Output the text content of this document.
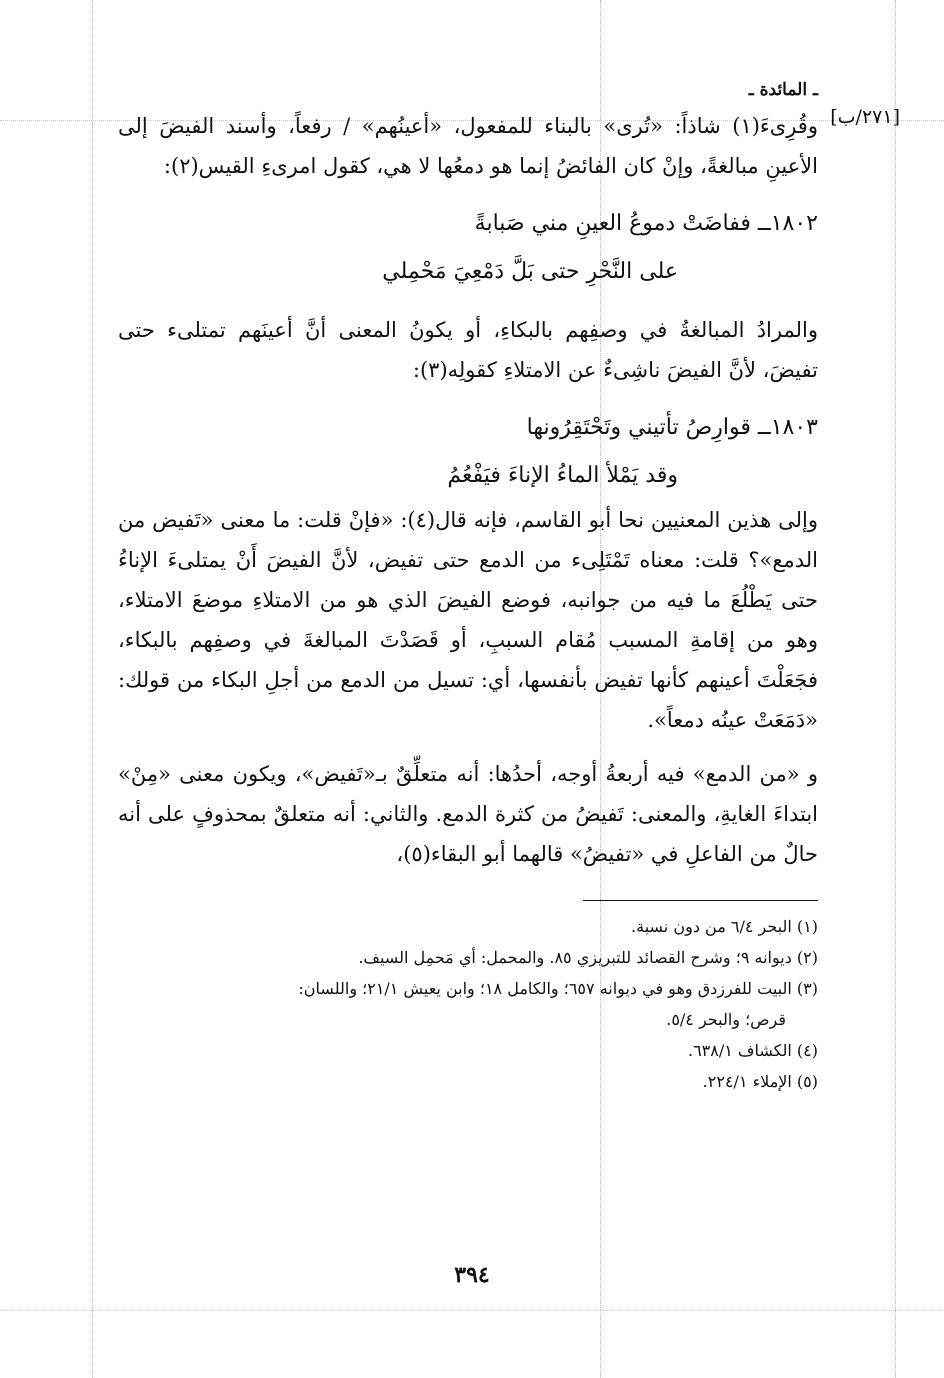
ـ المائدة ـ
[٢٧١/ب]

وقُرِىءَ(١) شاذاً: «تُرى» بالبناء للمفعول، «أعينُهم» / رفعاً، وأسند الفيضَ إلى الأعينِ مبالغةً، وإنْ كان الفائضُ إنما هو دمعُها لا هي، كقول امرىءِ القيس(٢):

١٨٠٢ــ ففاضَتْ دموعُ العينِ مني صَبابةً

على النَّحْرِ حتى بَلَّ دَمْعِيَ مَحْمِلي

والمرادُ المبالغةُ في وصفِهم بالبكاءِ، أو يكونُ المعنى أنَّ أعينَهم تمتلىء حتى تفيضَ، لأنَّ الفيضَ ناشِىءٌ عن الامتلاءِ كقولِه(٣):

١٨٠٣ــ قوارِصُ تأتيني وتَحْتَقِرُونها

وقد يَمْلأ الماءُ الإناءَ فيَفْعُمُ

وإلى هذين المعنيين نحا أبو القاسم، فإنه قال(٤): «فإنْ قلت: ما معنى «تَفيض من الدمع»؟ قلت: معناه تَمْتَلِىء من الدمع حتى تفيض، لأنَّ الفيضَ أَنْ يمتلىءَ الإناءُ حتى يَطْلُعَ ما فيه من جوانبه، فوضع الفيضَ الذي هو من الامتلاءِ موضعَ الامتلاء، وهو من إقامةِ المسبب مُقام السببِ، أو قَصَدْتَ المبالغةَ في وصفِهم بالبكاء، فجَعَلْتَ أعينهم كأنها تفيض بأنفسها، أي: تسيل من الدمع من أجلِ البكاء من قولك: «دَمَعَتْ عينُه دمعاً».

و «من الدمع» فيه أربعةُ أوجه، أحدُها: أنه متعلِّقٌ بـ«تَفيض»، ويكون معنى «مِنْ» ابتداءَ الغايةِ، والمعنى: تَفيضُ من كثرة الدمع. والثاني: أنه متعلقٌ بمحذوفٍ على أنه حالٌ من الفاعلِ في «تفيضُ» قالهما أبو البقاء(٥)،

(١) البحر ٦/٤ من دون نسبة.

(٢) ديوانه ٩؛ وشرح القصائد للتبريزي ٨٥. والمحمل: أي مَحمِل السيف.

(٣) البيت للفرزدق وهو في ديوانه ٦٥٧؛ والكامل ١٨؛ وابن يعيش ٢١/١؛ واللسان:

قرص؛ والبحر ٥/٤.

(٤) الكشاف ٦٣٨/١.

(٥) الإملاء ٢٢٤/١.

٣٩٤
